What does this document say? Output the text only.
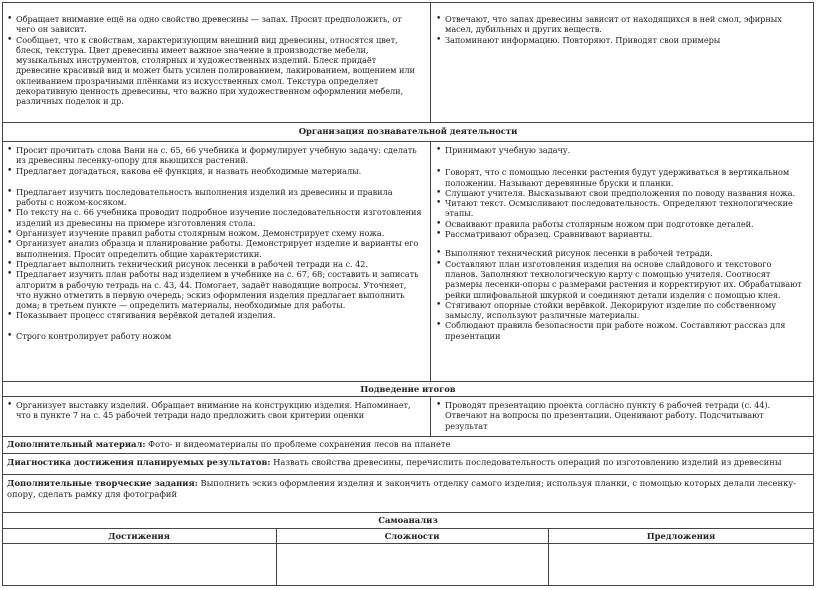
• Обращает внимание ещё на одно свойство древесины — запах. Просит предположить, от чего он зависит.
• Сообщает, что к свойствам, характеризующим внешний вид древесины, относятся цвет, блеск, текстура. Цвет древесины имеет важное значение в производстве мебели, музыкальных инструментов, столярных и художественных изделий. Блеск придаёт древесине красивый вид и может быть усилен полированием, лакированием, вощением или оклеиванием прозрачными плёнками из искусственных смол. Текстура определяет декоративную ценность древесины, что важно при художественном оформлении мебели, различных поделок и др.
• Отвечают, что запах древесины зависит от находящихся в ней смол, эфирных масел, дубильных и других веществ.
• Запоминают информацию. Повторяют. Приводят свои примеры
Организация познавательной деятельности
• Просит прочитать слова Вани на с. 65, 66 учебника и формулирует учебную задачу: сделать из древесины лесенку-опору для вьющихся растений.
• Предлагает догадаться, какова её функция, и назвать необходимые материалы.
• Предлагает изучить последовательность выполнения изделий из древесины и правила работы с ножом-косяком.
• По тексту на с. 66 учебника проводит подробное изучение последовательности изготовления изделий из древесины на примере изготовления стола.
• Организует изучение правил работы столярным ножом. Демонстрирует схему ножа.
• Организует анализ образца и планирование работы. Демонстрирует изделие и варианты его выполнения. Просит определить общие характеристики.
• Предлагает выполнить технический рисунок лесенки в рабочей тетради на с. 42.
• Предлагает изучить план работы над изделием в учебнике на с. 67, 68; составить и записать алгоритм в рабочую тетрадь на с. 43, 44. Помогает, задаёт наводящие вопросы. Уточняет, что нужно отметить в первую очередь; эскиз оформления изделия предлагает выполнить дома; в третьем пункте — определить материалы, необходимые для работы.
• Показывает процесс стягивания верёвкой деталей изделия.
• Строго контролирует работу ножом
• Принимают учебную задачу.
• Говорят, что с помощью лесенки растения будут удерживаться в вертикальном положении. Называют деревянные бруски и планки.
• Слушают учителя. Высказывают свои предположения по поводу названия ножа.
• Читают текст. Осмысливают последовательность. Определяют технологические этапы.
• Осваивают правила работы столярным ножом при подготовке деталей.
• Рассматривают образец. Сравнивают варианты.
• Выполняют технический рисунок лесенки в рабочей тетради.
• Составляют план изготовления изделия на основе слайдового и текстового планов. Заполняют технологическую карту с помощью учителя. Соотносят размеры лесенки-опоры с размерами растения и корректируют их. Обрабатывают рейки шлифовальной шкуркой и соединяют детали изделия с помощью клея.
• Стягивают опорные стойки верёвкой. Декорируют изделие по собственному замыслу, используют различные материалы.
• Соблюдают правила безопасности при работе ножом. Составляют рассказ для презентации
Подведение итогов
• Организует выставку изделий. Обращает внимание на конструкцию изделия. Напоминает, что в пункте 7 на с. 45 рабочей тетради надо предложить свои критерии оценки
• Проводят презентацию проекта согласно пункту 6 рабочей тетради (с. 44). Отвечают на вопросы по презентации. Оценивают работу. Подсчитывают результат
Дополнительный материал: Фото- и видеоматериалы по проблеме сохранения лесов на планете
Диагностика достижения планируемых результатов: Назвать свойства древесины, перечислить последовательность операций по изготовлению изделий из древесины
Дополнительные творческие задания: Выполнить эскиз оформления изделия и закончить отделку самого изделия; используя планки, с помощью которых делали лесенку-опору, сделать рамку для фотографий
Самоанализ
Достижения	Сложности	Предложения
